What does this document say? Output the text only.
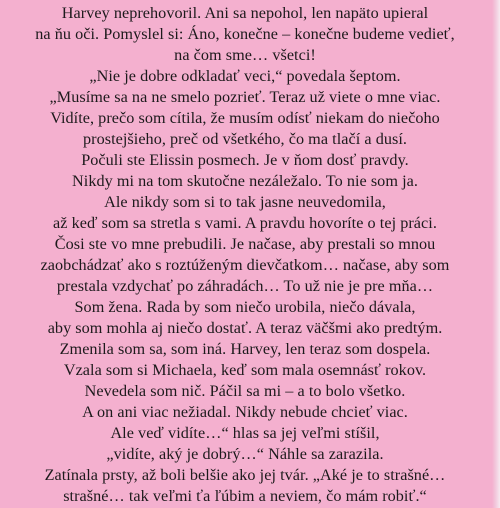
Harvey neprehovoril. Ani sa nepohol, len napäto upieral
na ňu oči. Pomyslel si: Áno, konečne – konečne budeme vedieť,
na čom sme… všetci!
„Nie je dobre odkladať veci,“ povedala šeptom.
„Musíme sa na ne smelo pozrieť. Teraz už viete o mne viac.
Vidíte, prečo som cítila, že musím odísť niekam do niečoho
prostejšieho, preč od všetkého, čo ma tlačí a dusí.
Počuli ste Elissin posmech. Je v ňom dosť pravdy.
Nikdy mi na tom skutočne nezáležalo. To nie som ja.
Ale nikdy som si to tak jasne neuvedomila,
až keď som sa stretla s vami. A pravdu hovoríte o tej práci.
Čosi ste vo mne prebudili. Je načase, aby prestali so mnou
zaobchádzať ako s roztúženým dievčatkom… načase, aby som
prestala vzdychať po záhradách… To už nie je pre mňa…
Som žena. Rada by som niečo urobila, niečo dávala,
aby som mohla aj niečo dostať. A teraz väčšmi ako predtým.
Zmenila som sa, som iná. Harvey, len teraz som dospela.
Vzala som si Michaela, keď som mala osemnásť rokov.
Nevedela som nič. Páčil sa mi – a to bolo všetko.
A on ani viac nežiadal. Nikdy nebude chcieť viac.
Ale veď vidíte…“ hlas sa jej veľmi stíšil,
„vidíte, aký je dobrý…“ Náhle sa zarazila.
Zatínala prsty, až boli belšie ako jej tvár. „Aké je to strašné…
strašné… tak veľmi ťa ľúbim a neviem, čo mám robiť.“
